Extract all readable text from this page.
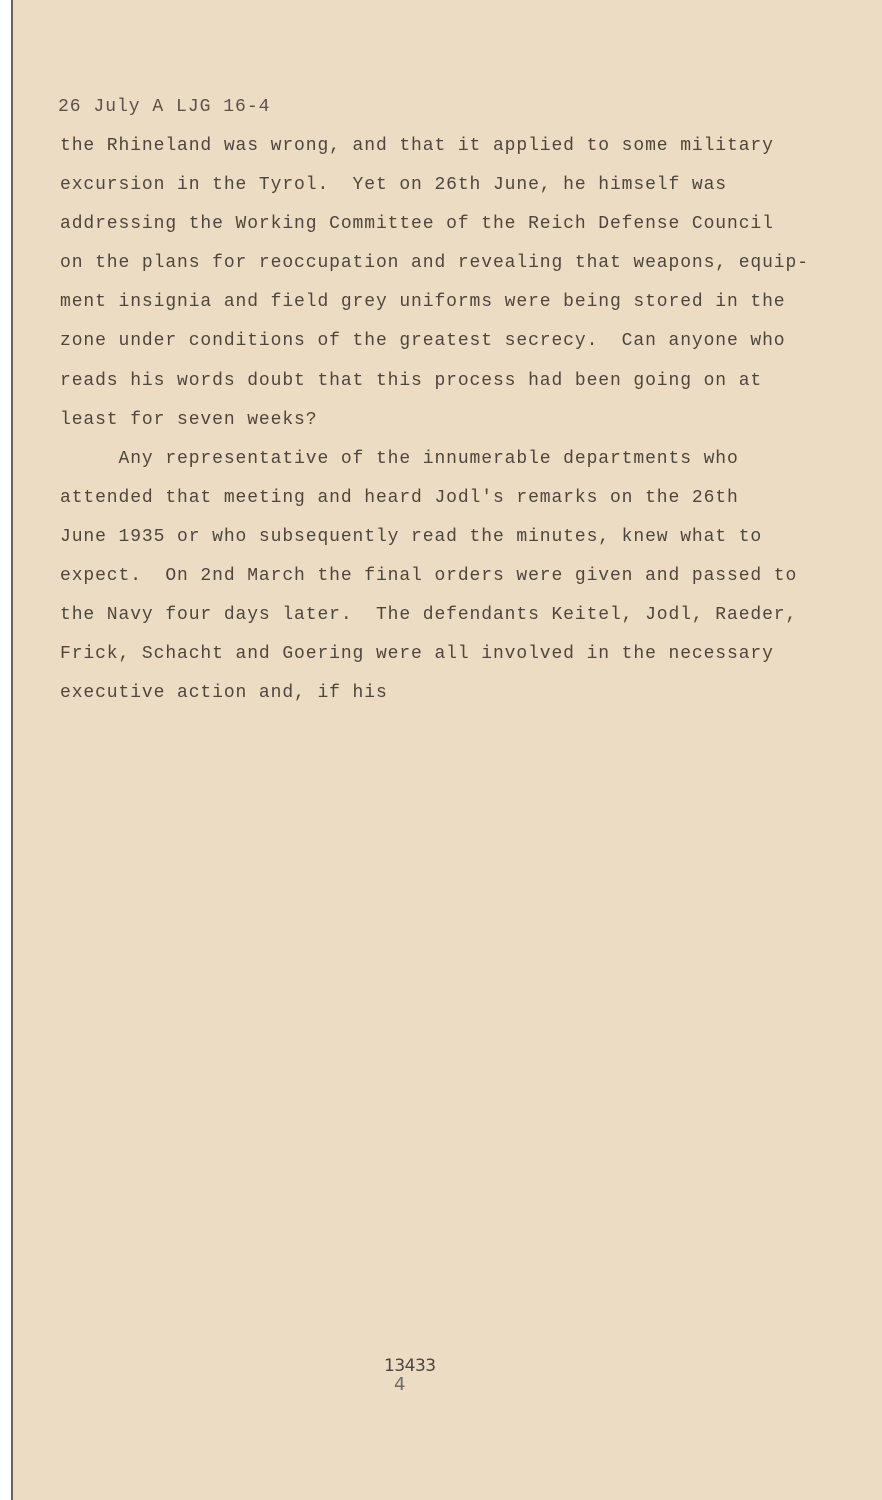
26 July A LJG 16-4
the Rhineland was wrong, and that it applied to some military
excursion in the Tyrol.  Yet on 26th June, he himself was
addressing the Working Committee of the Reich Defense Council
on the plans for reoccupation and revealing that weapons, equip-
ment insignia and field grey uniforms were being stored in the
zone under conditions of the greatest secrecy.  Can anyone who
reads his words doubt that this process had been going on at
least for seven weeks?
Any representative of the innumerable departments who
attended that meeting and heard Jodl's remarks on the 26th
June 1935 or who subsequently read the minutes, knew what to
expect.  On 2nd March the final orders were given and passed to
the Navy four days later.  The defendants Keitel, Jodl, Raeder,
Frick, Schacht and Goering were all involved in the necessary
executive action and, if his
13433
4
